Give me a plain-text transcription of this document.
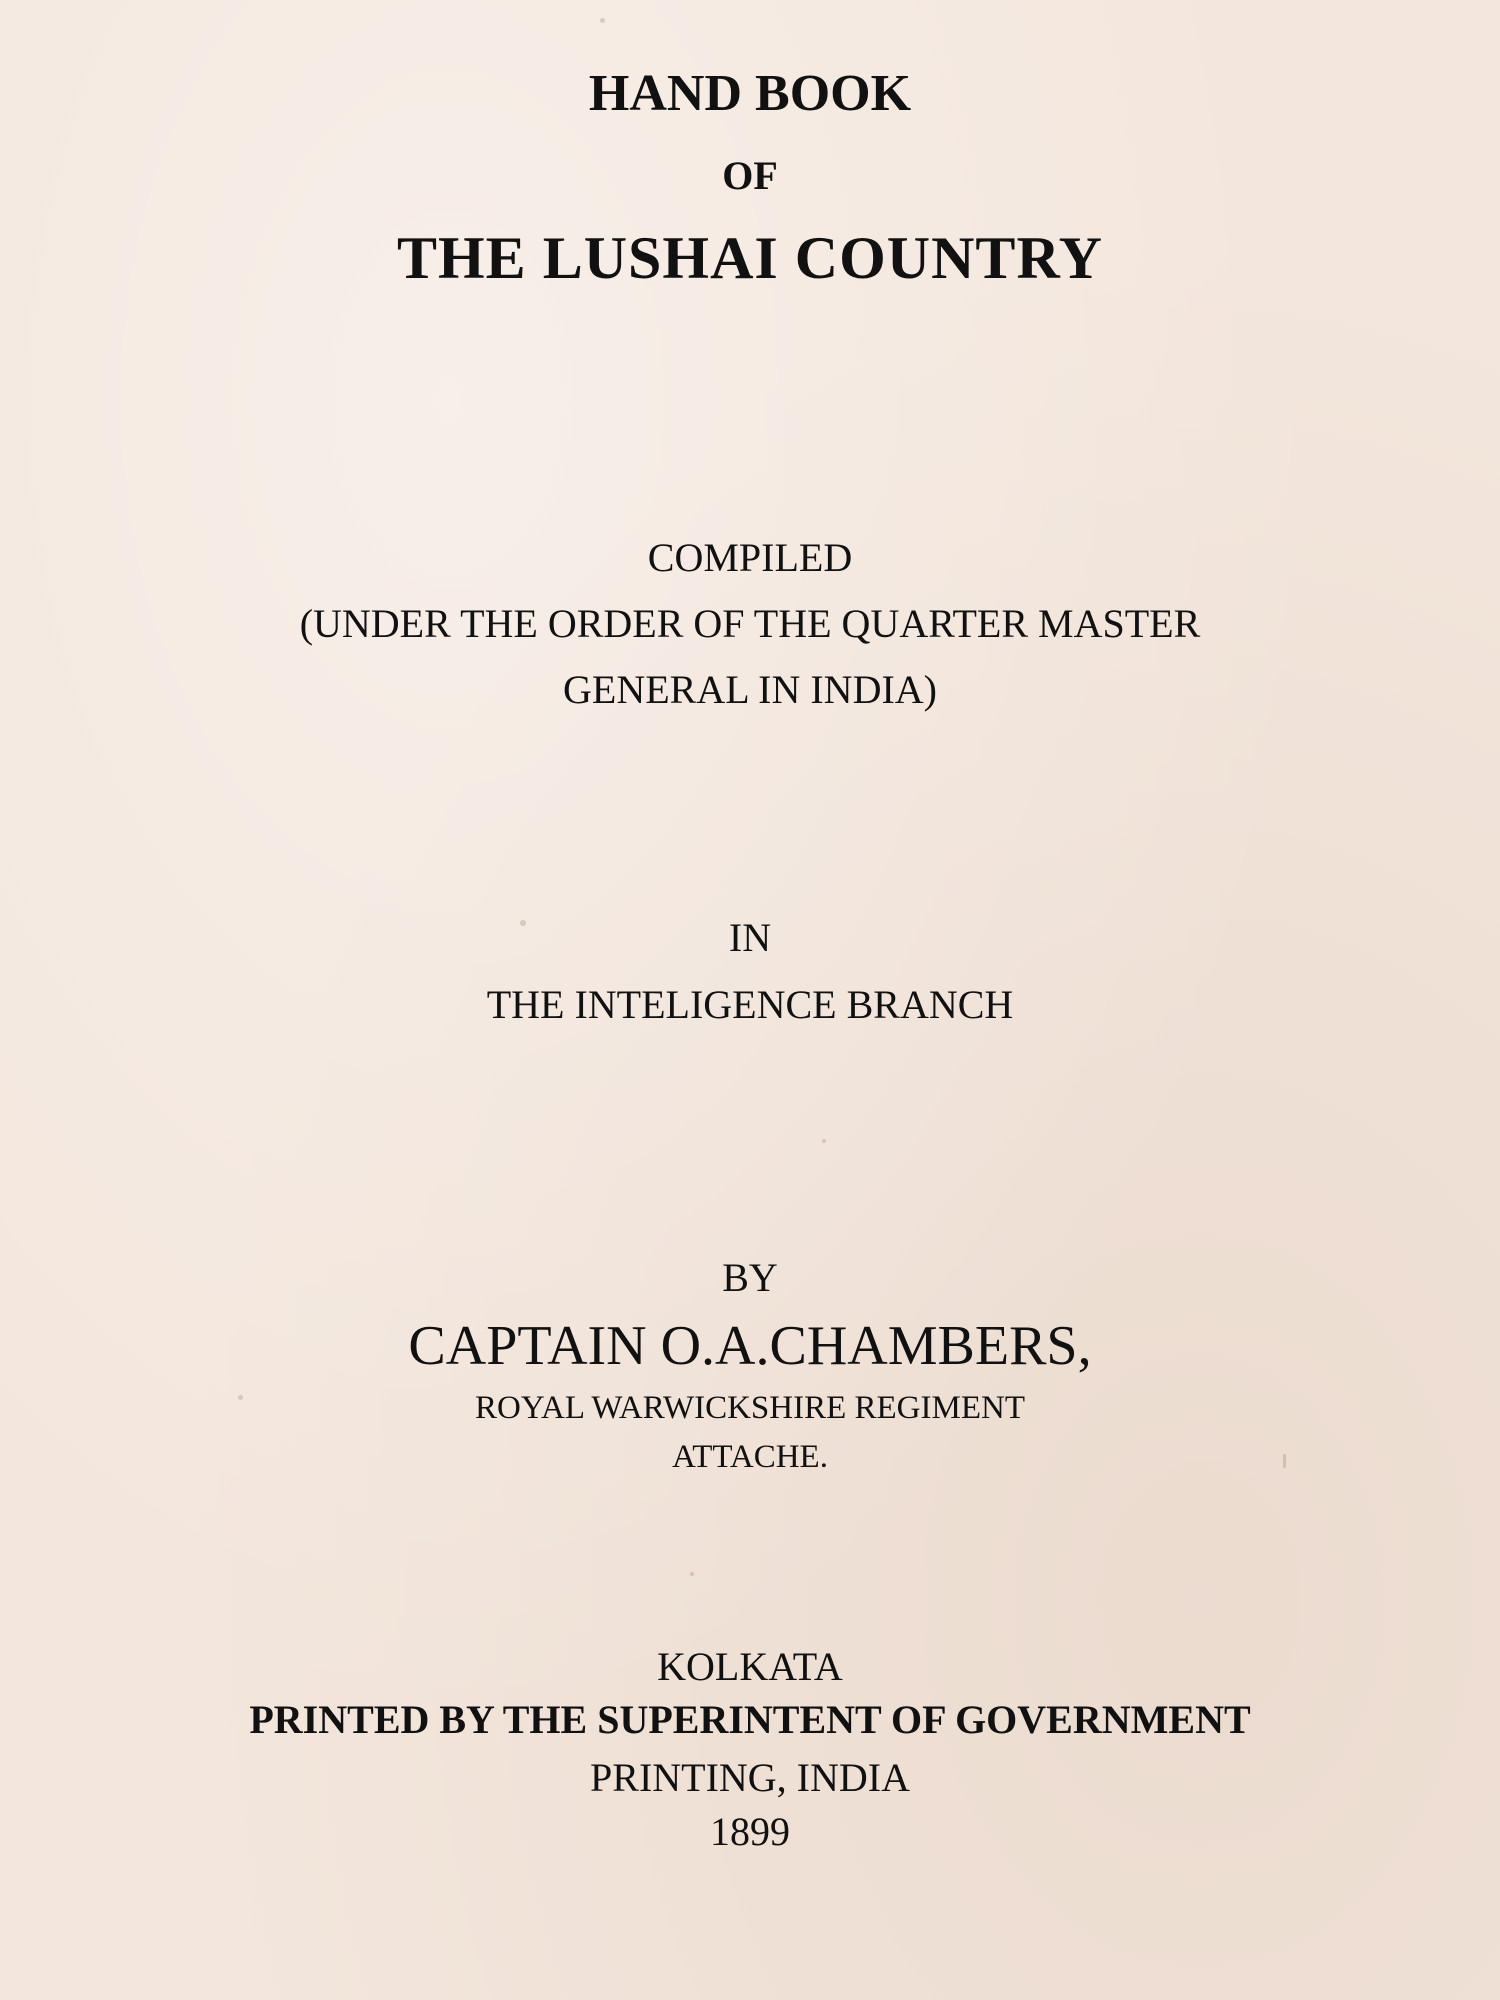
HAND BOOK
OF
THE LUSHAI COUNTRY
COMPILED
(UNDER THE ORDER OF THE QUARTER MASTER
GENERAL IN INDIA)
IN
THE INTELIGENCE BRANCH
BY
CAPTAIN O.A.CHAMBERS,
ROYAL WARWICKSHIRE REGIMENT
ATTACHE.
KOLKATA
PRINTED BY THE SUPERINTENT OF GOVERNMENT
PRINTING, INDIA
1899
